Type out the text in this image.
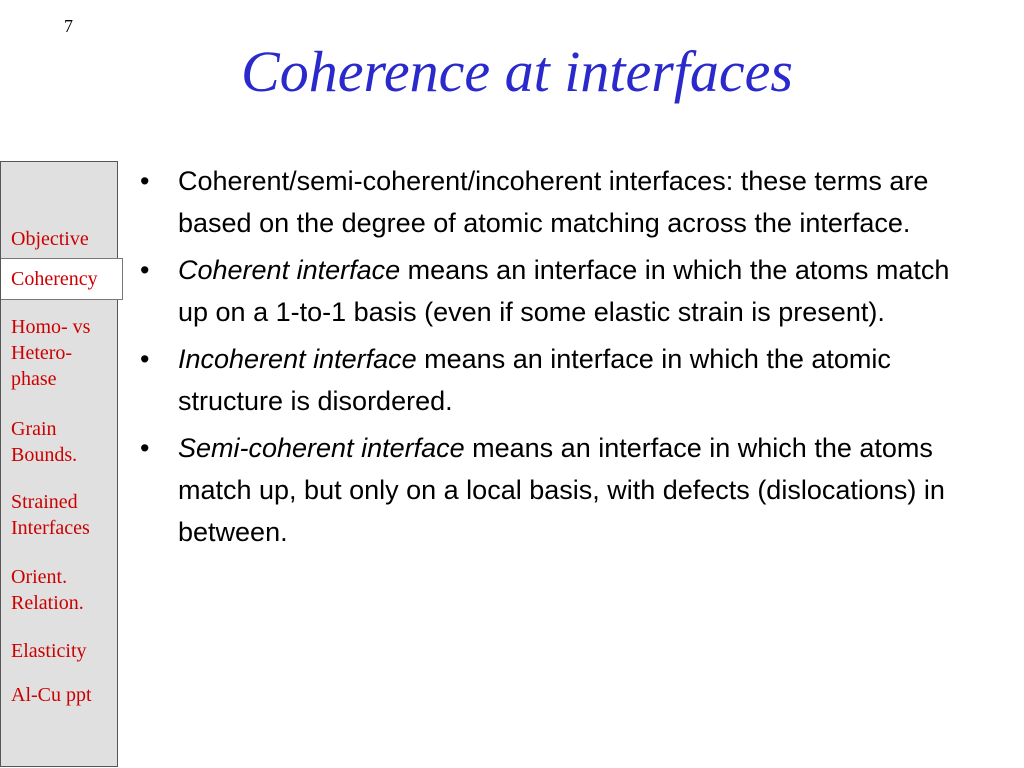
7
Coherence at interfaces
Objective
Coherency
Homo- vs Hetero-phase
Grain Bounds.
Strained Interfaces
Orient. Relation.
Elasticity
Al-Cu ppt
• Coherent/semi-coherent/incoherent interfaces: these terms are based on the degree of atomic matching across the interface.
• Coherent interface means an interface in which the atoms match up on a 1-to-1 basis (even if some elastic strain is present).
• Incoherent interface means an interface in which the atomic structure is disordered.
• Semi-coherent interface means an interface in which the atoms match up, but only on a local basis, with defects (dislocations) in between.
